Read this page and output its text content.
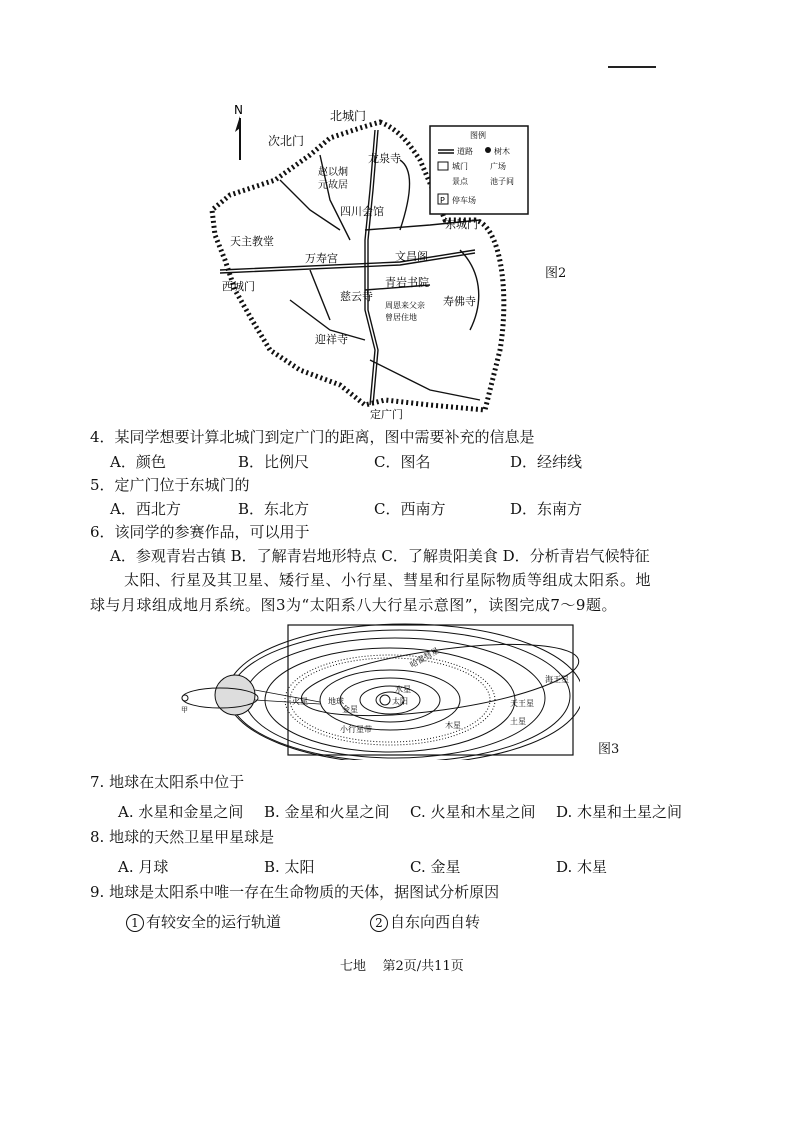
N	北城门
次北门
龙泉寺
赵以炯
元故居
四川会馆
天主教堂
万寿宫	文昌阁
青岩书院
慈云寺
周恩来父亲
曾居住地
东城门
寿佛寺
迎祥寺
定广门
西城门
图例
道路	树木
城门	广场
景点	池子间
P 停车场
图2
4．某同学想要计算北城门到定广门的距离，图中需要补充的信息是
A．颜色	B．比例尺	C．图名	D．经纬线
5．定广门位于东城门的
A．西北方	B．东北方	C．西南方	D．东南方
6．该同学的参赛作品，可以用于
A．参观青岩古镇 B．了解青岩地形特点 C．了解贵阳美食 D．分析青岩气候特征
太阳、行星及其卫星、矮行星、小行星、彗星和行星际物质等组成太阳系。地
球与月球组成地月系统。图3为“太阳系八大行星示意图”，读图完成7～9题。
太阳
甲
水星
金星
地球
火星
木星	土星
天王星
海王星
小行星带
哈雷彗星
图3
7. 地球在太阳系中位于
A. 水星和金星之间	B. 金星和火星之间	C. 火星和木星之间	D. 木星和土星之间
8. 地球的天然卫星甲星球是
A. 月球	B. 太阳	C. 金星	D. 木星
9. 地球是太阳系中唯一存在生命物质的天体，据图试分析原因
1 有较安全的运行轨道	2 自东向西自转
七地    第2页/共11页
